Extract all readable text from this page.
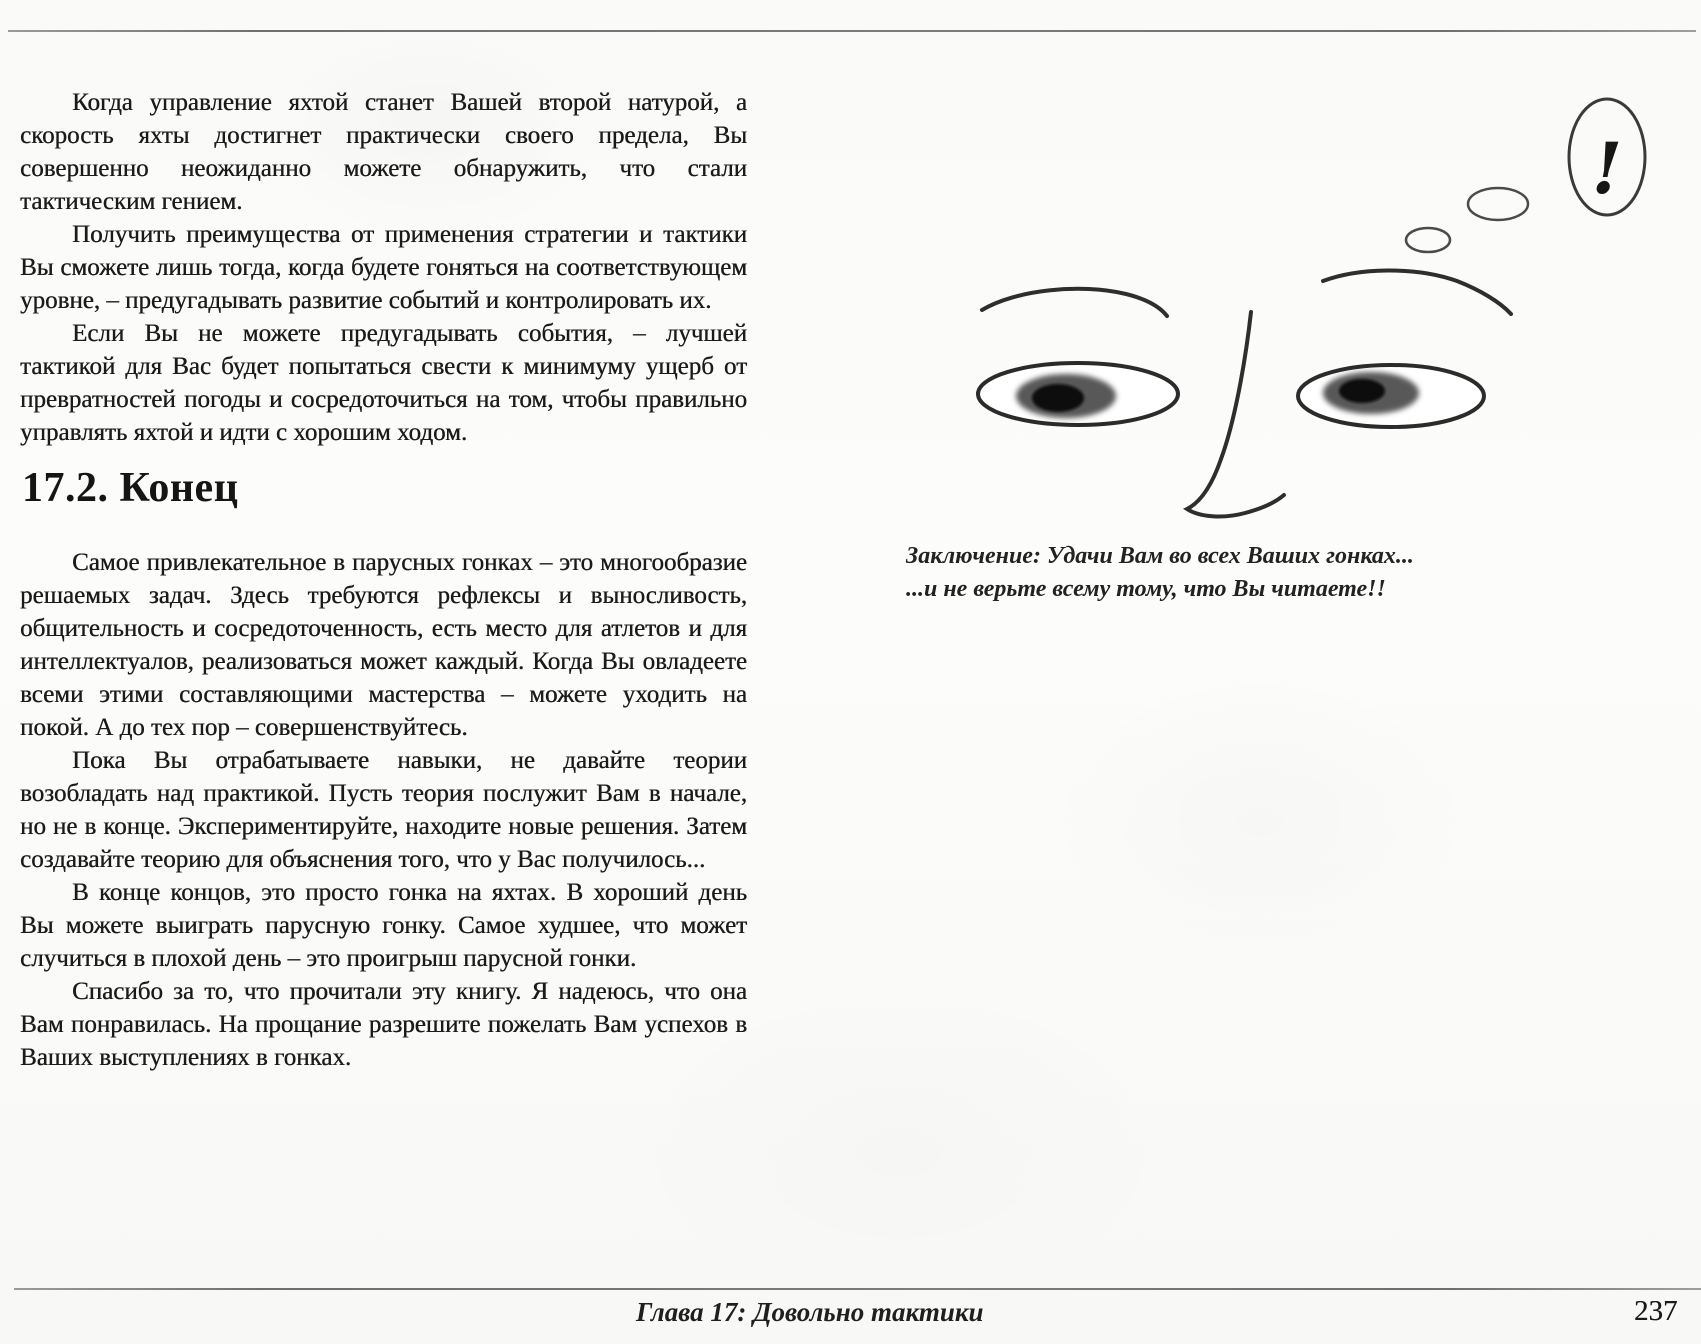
Когда управление яхтой станет Вашей второй натурой, а скорость яхты достигнет практически своего предела, Вы совершенно неожиданно можете обнаружить, что стали тактическим гением.

Получить преимущества от применения стратегии и тактики Вы сможете лишь тогда, когда будете гоняться на соответствующем уровне, – предугадывать развитие событий и контролировать их.

Если Вы не можете предугадывать события, – лучшей тактикой для Вас будет попытаться свести к минимуму ущерб от превратностей погоды и сосредоточиться на том, чтобы правильно управлять яхтой и идти с хорошим ходом.

17.2. Конец

Самое привлекательное в парусных гонках – это многообразие решаемых задач. Здесь требуются рефлексы и выносливость, общительность и сосредоточенность, есть место для атлетов и для интеллектуалов, реализоваться может каждый. Когда Вы овладеете всеми этими составляющими мастерства – можете уходить на покой. А до тех пор – совершенствуйтесь.

Пока Вы отрабатываете навыки, не давайте теории возобладать над практикой. Пусть теория послужит Вам в начале, но не в конце. Экспериментируйте, находите новые решения. Затем создавайте теорию для объяснения того, что у Вас получилось...

В конце концов, это просто гонка на яхтах. В хороший день Вы можете выиграть парусную гонку. Самое худшее, что может случиться в плохой день – это проигрыш парусной гонки.

Спасибо за то, что прочитали эту книгу. Я надеюсь, что она Вам понравилась. На прощание разрешите пожелать Вам успехов в Ваших выступлениях в гонках.

!
Заключение: Удачи Вам во всех Ваших гонках...
...и не верьте всему тому, что Вы читаете!!
Глава 17: Довольно тактики	237
